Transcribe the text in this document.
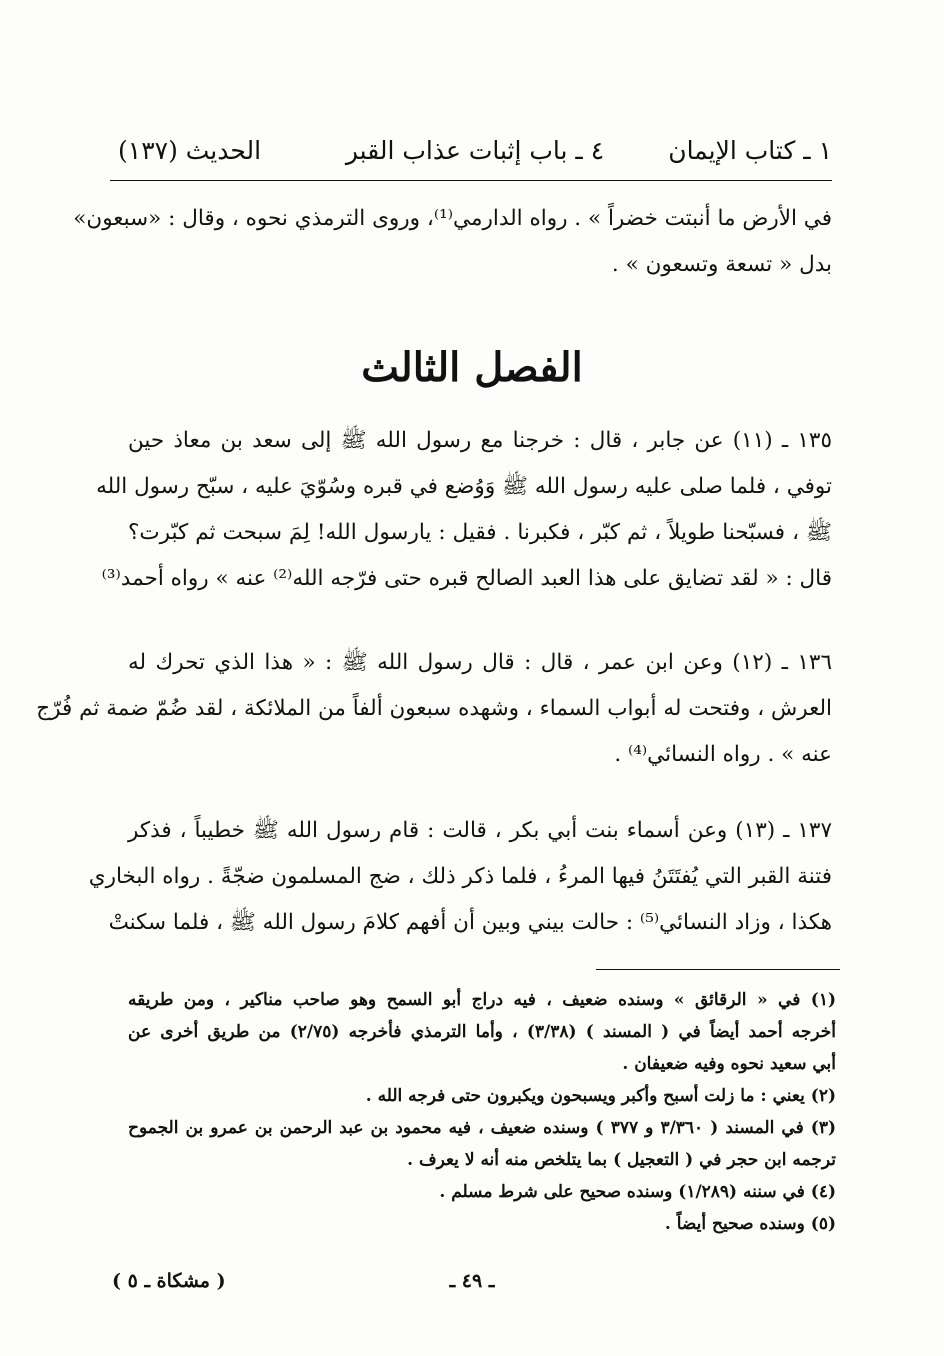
١ ـ كتاب الإيمان
٤ ـ باب إثبات عذاب القبر
الحديث (١٣٧)
في الأرض ما أنبتت خضراً » . رواه الدارمي⁽¹⁾، وروى الترمذي نحوه ، وقال : «سبعون»
بدل « تسعة وتسعون » .
الفصل الثالث
١٣٥ ـ (١١) عن جابر ، قال : خرجنا مع رسول الله ﷺ إلى سعد بن معاذ حين
توفي ، فلما صلى عليه رسول الله ﷺ وَوُضع في قبره وسُوّيَ عليه ، سبّح رسول الله
ﷺ ، فسبّحنا طويلاً ، ثم كبّر ، فكبرنا . فقيل : يارسول الله! لِمَ سبحت ثم كبّرت؟
قال : « لقد تضايق على هذا العبد الصالح قبره حتى فرّجه الله⁽²⁾ عنه » رواه أحمد⁽³⁾
١٣٦ ـ (١٢) وعن ابن عمر ، قال : قال رسول الله ﷺ : « هذا الذي تحرك له
العرش ، وفتحت له أبواب السماء ، وشهده سبعون ألفاً من الملائكة ، لقد ضُمّ ضمة ثم فُرّج
عنه » . رواه النسائي⁽⁴⁾ .
١٣٧ ـ (١٣) وعن أسماء بنت أبي بكر ، قالت : قام رسول الله ﷺ خطيباً ، فذكر
فتنة القبر التي يُفتَتَنُ فيها المرءُ ، فلما ذكر ذلك ، ضج المسلمون ضجّةً . رواه البخاري
هكذا ، وزاد النسائي⁽⁵⁾ : حالت بيني وبين أن أفهم كلامَ رسول الله ﷺ ، فلما سكنتْ
(١) في « الرقائق » وسنده ضعيف ، فيه دراج أبو السمح وهو صاحب مناكير ، ومن طريقه
أخرجه أحمد أيضاً في ( المسند ) (٣/٣٨) ، وأما الترمذي فأخرجه (٢/٧٥) من طريق أخرى عن
أبي سعيد نحوه وفيه ضعيفان .
(٢) يعني : ما زلت أسبح وأكبر ويسبحون ويكبرون حتى فرجه الله .
(٣) في المسند ( ٣/٣٦٠ و ٣٧٧ ) وسنده ضعيف ، فيه محمود بن عبد الرحمن بن عمرو بن الجموح
ترجمه ابن حجر في ( التعجيل ) بما يتلخص منه أنه لا يعرف .
(٤) في سننه (١/٢٨٩) وسنده صحيح على شرط مسلم .
(٥) وسنده صحيح أيضاً .
ـ ٤٩ ـ
( مشكاة ـ ٥ )
